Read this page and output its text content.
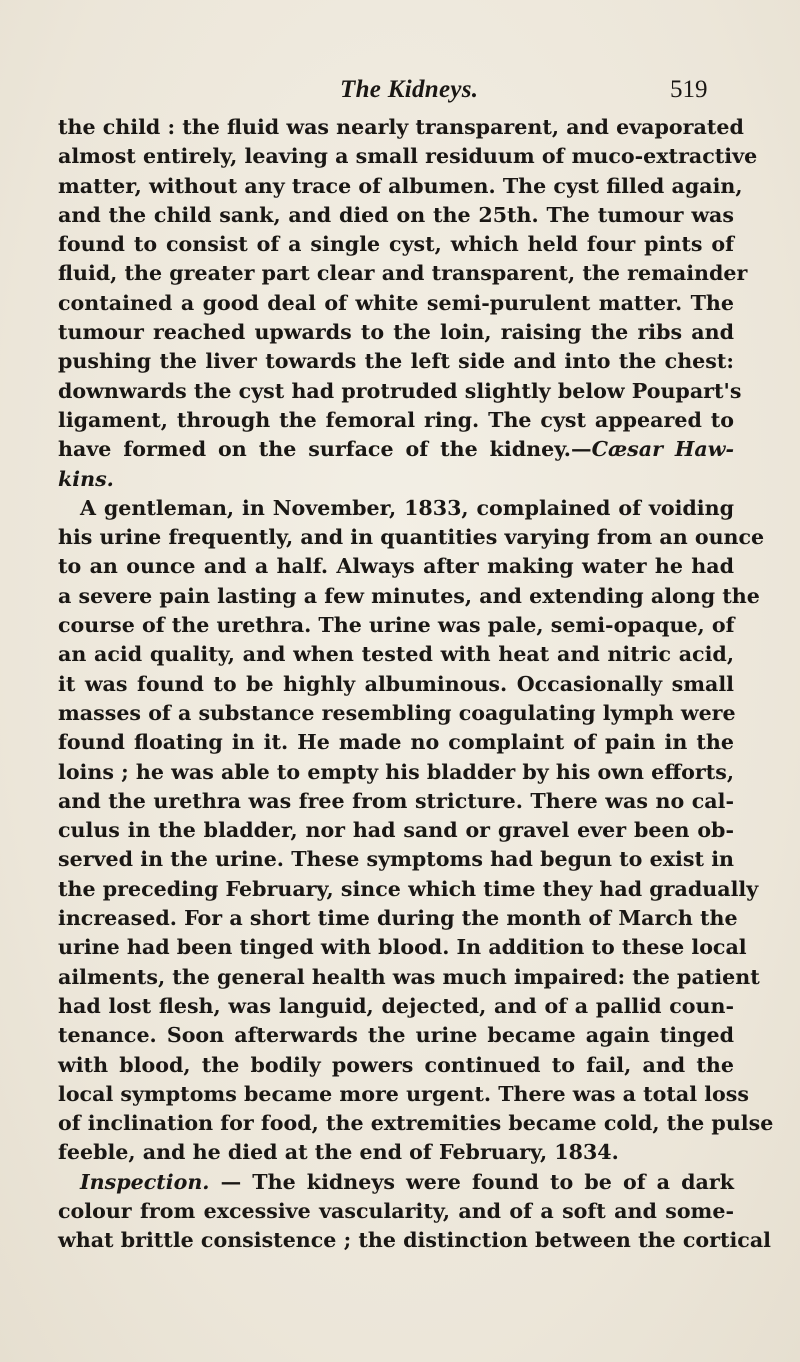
The Kidneys.	519
the child : the fluid was nearly transparent, and evaporated
almost entirely, leaving a small residuum of muco-extractive
matter, without any trace of albumen. The cyst filled again,
and the child sank, and died on the 25th. The tumour was
found to consist of a single cyst, which held four pints of
fluid, the greater part clear and transparent, the remainder
contained a good deal of white semi-purulent matter. The
tumour reached upwards to the loin, raising the ribs and
pushing the liver towards the left side and into the chest:
downwards the cyst had protruded slightly below Poupart's
ligament, through the femoral ring. The cyst appeared to
have formed on the surface of the kidney.—Cæsar Haw-
kins.
A gentleman, in November, 1833, complained of voiding
his urine frequently, and in quantities varying from an ounce
to an ounce and a half. Always after making water he had
a severe pain lasting a few minutes, and extending along the
course of the urethra. The urine was pale, semi-opaque, of
an acid quality, and when tested with heat and nitric acid,
it was found to be highly albuminous. Occasionally small
masses of a substance resembling coagulating lymph were
found floating in it. He made no complaint of pain in the
loins ; he was able to empty his bladder by his own efforts,
and the urethra was free from stricture. There was no cal-
culus in the bladder, nor had sand or gravel ever been ob-
served in the urine. These symptoms had begun to exist in
the preceding February, since which time they had gradually
increased. For a short time during the month of March the
urine had been tinged with blood. In addition to these local
ailments, the general health was much impaired: the patient
had lost flesh, was languid, dejected, and of a pallid coun-
tenance. Soon afterwards the urine became again tinged
with blood, the bodily powers continued to fail, and the
local symptoms became more urgent. There was a total loss
of inclination for food, the extremities became cold, the pulse
feeble, and he died at the end of February, 1834.
Inspection. — The kidneys were found to be of a dark
colour from excessive vascularity, and of a soft and some-
what brittle consistence ; the distinction between the cortical
